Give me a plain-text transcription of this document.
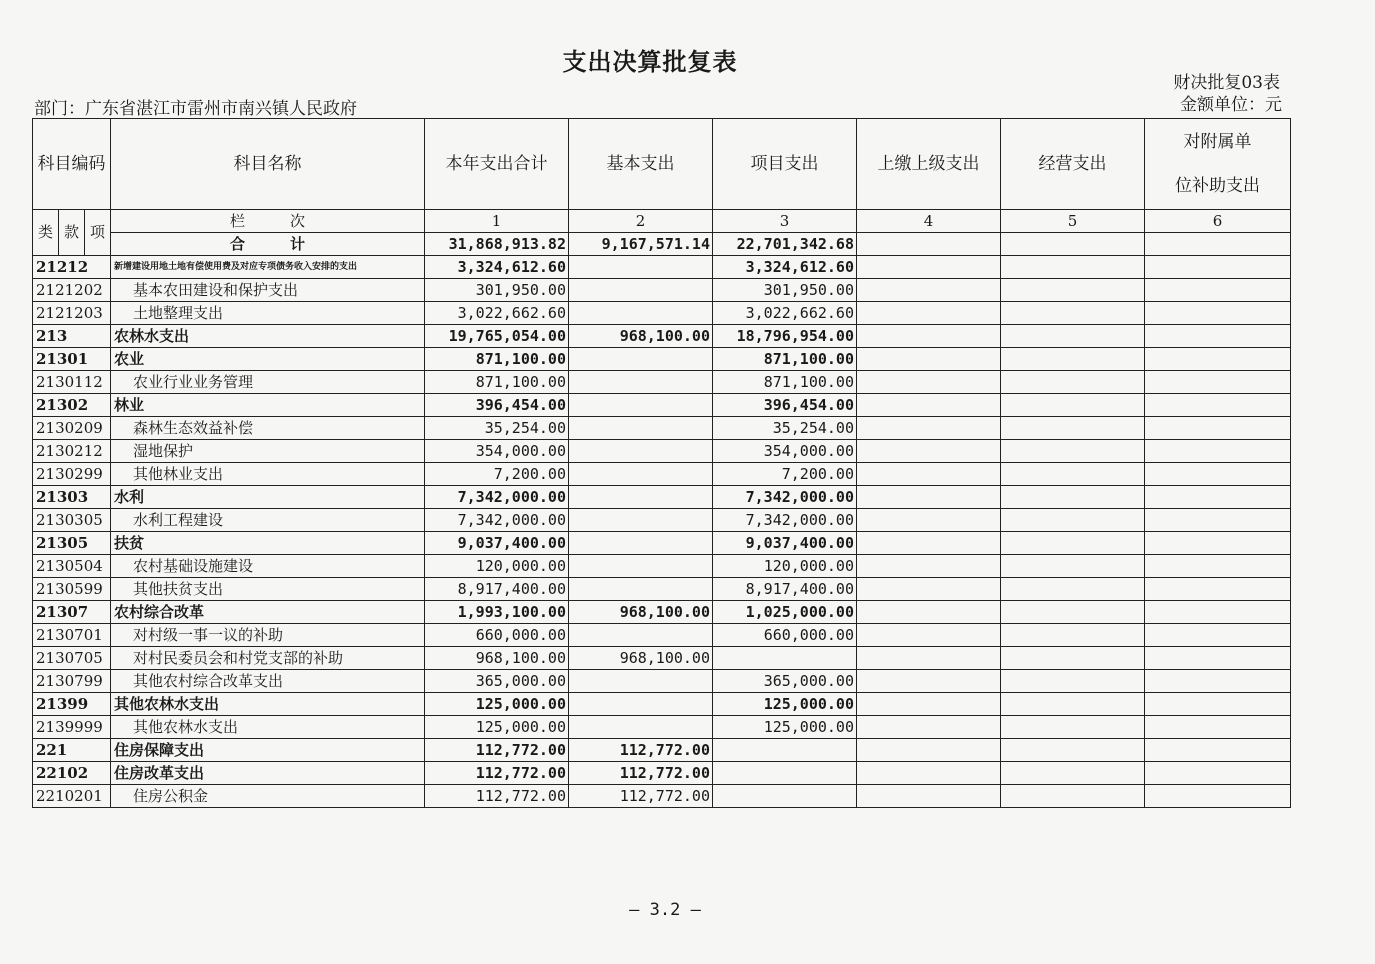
支出决算批复表
财决批复03表
部门：广东省湛江市雷州市南兴镇人民政府	金额单位：元
科目编码			科目名称	本年支出合计	基本支出	项目支出	上缴上级支出	经营支出	对附属单
位补助支出
类	款	项	栏　　　次	1	2	3	4	5	6
			合　　　计	31,868,913.82	9,167,571.14	22,701,342.68			
21212			新增建设用地土地有偿使用费及对应专项债务收入安排的支出	3,324,612.60		3,324,612.60			
2121202			基本农田建设和保护支出	301,950.00		301,950.00			
2121203			土地整理支出	3,022,662.60		3,022,662.60			
213			农林水支出	19,765,054.00	968,100.00	18,796,954.00			
21301			农业	871,100.00		871,100.00			
2130112			农业行业业务管理	871,100.00		871,100.00			
21302			林业	396,454.00		396,454.00			
2130209			森林生态效益补偿	35,254.00		35,254.00			
2130212			湿地保护	354,000.00		354,000.00			
2130299			其他林业支出	7,200.00		7,200.00			
21303			水利	7,342,000.00		7,342,000.00			
2130305			水利工程建设	7,342,000.00		7,342,000.00			
21305			扶贫	9,037,400.00		9,037,400.00			
2130504			农村基础设施建设	120,000.00		120,000.00			
2130599			其他扶贫支出	8,917,400.00		8,917,400.00			
21307			农村综合改革	1,993,100.00	968,100.00	1,025,000.00			
2130701			对村级一事一议的补助	660,000.00		660,000.00			
2130705			对村民委员会和村党支部的补助	968,100.00	968,100.00				
2130799			其他农村综合改革支出	365,000.00		365,000.00			
21399			其他农林水支出	125,000.00		125,000.00			
2139999			其他农林水支出	125,000.00		125,000.00			
221			住房保障支出	112,772.00	112,772.00				
22102			住房改革支出	112,772.00	112,772.00				
2210201			住房公积金	112,772.00	112,772.00				
— 3.2 —
